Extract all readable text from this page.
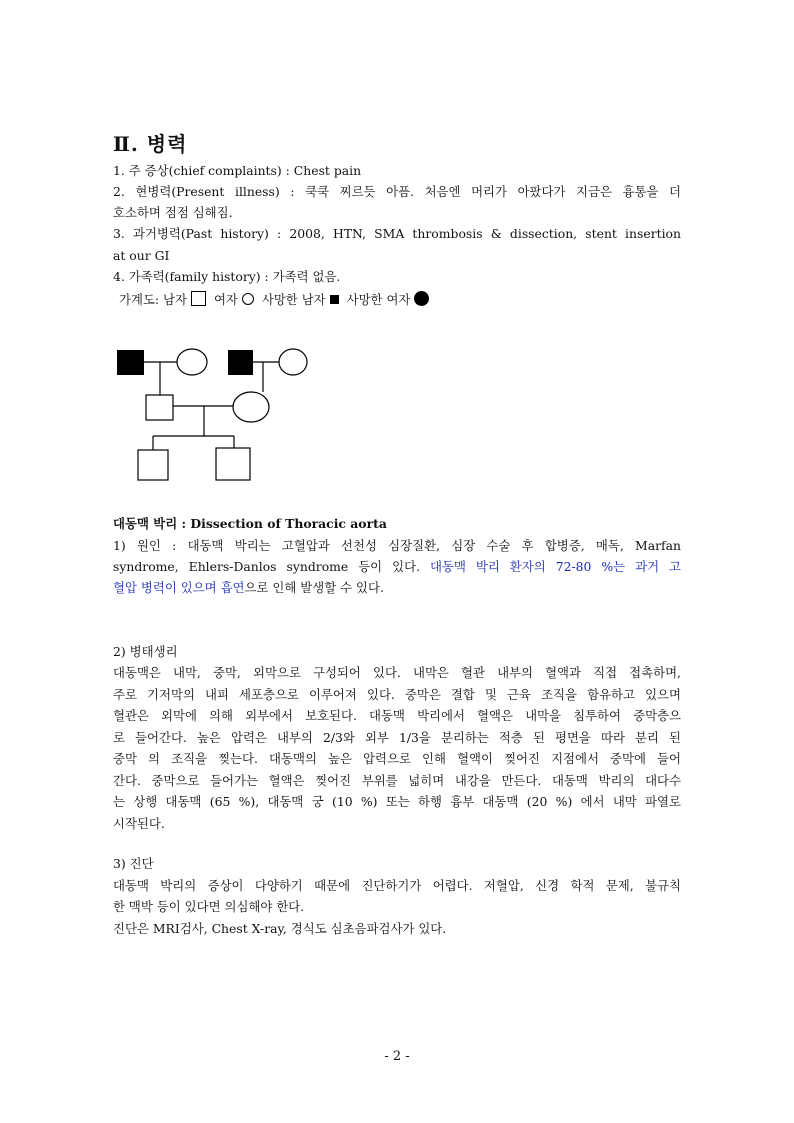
Ⅱ. 병력
1. 주 증상(chief complaints) : Chest pain
2. 현병력(Present illness) : 쿡쿡 찌르듯 아픔. 처음엔 머리가 아팠다가 지금은 흉통을 더
호소하며 점점 심해짐.
3. 과거병력(Past history) : 2008, HTN, SMA thrombosis & dissection, stent insertion
at our GI
4. 가족력(family history) : 가족력 없음.
가계도: 남자 여자 사망한 남자 사망한 여자
대동맥 박리 : Dissection of Thoracic aorta
1) 원인 : 대동맥 박리는 고혈압과 선천성 심장질환, 심장 수술 후 합병증, 매독, Marfan
syndrome, Ehlers-Danlos syndrome 등이 있다. 대동맥 박리 환자의 72-80 %는 과거 고
혈압 병력이 있으며 흡연으로 인해 발생할 수 있다.
2) 병태생리
대동맥은 내막, 중막, 외막으로 구성되어 있다. 내막은 혈관 내부의 혈액과 직접 접촉하며,
주로 기저막의 내피 세포층으로 이루어져 있다. 중막은 결합 및 근육 조직을 함유하고 있으며
혈관은 외막에 의해 외부에서 보호된다. 대동맥 박리에서 혈액은 내막을 침투하여 중막층으
로 들어간다. 높은 압력은 내부의 2/3와 외부 1/3을 분리하는 적층 된 평면을 따라 분리 된
중막 의 조직을 찢는다. 대동맥의 높은 압력으로 인해 혈액이 찢어진 지점에서 중막에 들어
간다. 중막으로 들어가는 혈액은 찢어진 부위를 넓히며 내강을 만든다. 대동맥 박리의 대다수
는 상행 대동맥 (65 %), 대동맥 궁 (10 %) 또는 하행 흉부 대동맥 (20 %) 에서 내막 파열로
시작된다.
3) 진단
대동맥 박리의 증상이 다양하기 때문에 진단하기가 어렵다. 저혈압, 신경 학적 문제, 불규칙
한 맥박 등이 있다면 의심해야 한다.
진단은 MRI검사, Chest X-ray, 경식도 심초음파검사가 있다.
- 2 -
